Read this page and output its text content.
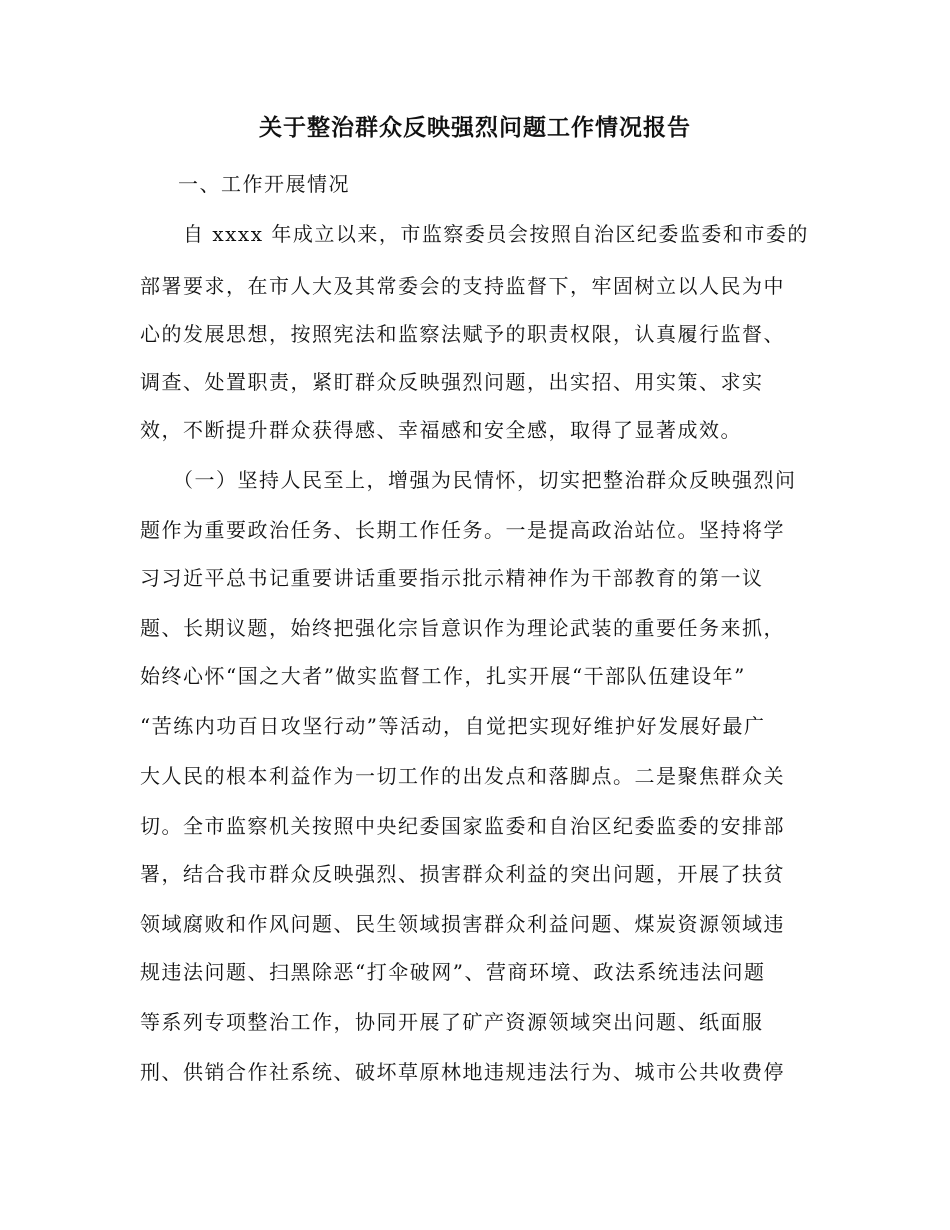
关于整治群众反映强烈问题工作情况报告
一、工作开展情况
　　自 xxxx 年成立以来，市监察委员会按照自治区纪委监委和市委的
部署要求，在市人大及其常委会的支持监督下，牢固树立以人民为中
心的发展思想，按照宪法和监察法赋予的职责权限，认真履行监督、
调查、处置职责，紧盯群众反映强烈问题，出实招、用实策、求实
效，不断提升群众获得感、幸福感和安全感，取得了显著成效。
　　（一）坚持人民至上，增强为民情怀，切实把整治群众反映强烈问
题作为重要政治任务、长期工作任务。一是提高政治站位。坚持将学
习习近平总书记重要讲话重要指示批示精神作为干部教育的第一议
题、长期议题，始终把强化宗旨意识作为理论武装的重要任务来抓，
始终心怀“国之大者”做实监督工作，扎实开展“干部队伍建设年”
“苦练内功百日攻坚行动”等活动，自觉把实现好维护好发展好最广
大人民的根本利益作为一切工作的出发点和落脚点。二是聚焦群众关
切。全市监察机关按照中央纪委国家监委和自治区纪委监委的安排部
署，结合我市群众反映强烈、损害群众利益的突出问题，开展了扶贫
领域腐败和作风问题、民生领域损害群众利益问题、煤炭资源领域违
规违法问题、扫黑除恶“打伞破网”、营商环境、政法系统违法问题
等系列专项整治工作，协同开展了矿产资源领域突出问题、纸面服
刑、供销合作社系统、破坏草原林地违规违法行为、城市公共收费停
